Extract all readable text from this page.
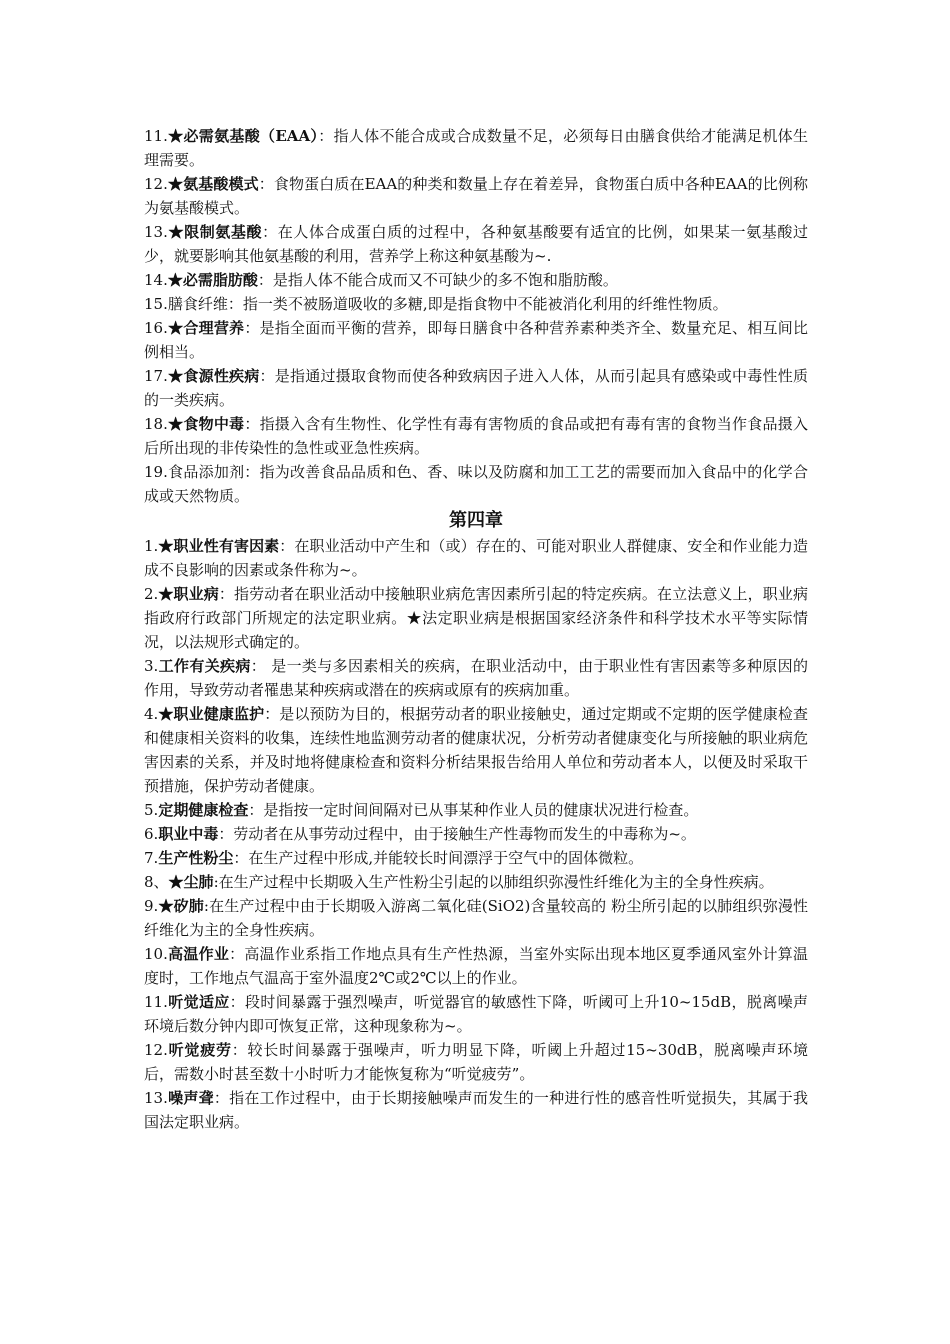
11.★必需氨基酸（EAA）：指人体不能合成或合成数量不足，必须每日由膳食供给才能满足机体生理需要。

12.★氨基酸模式：食物蛋白质在EAA的种类和数量上存在着差异，食物蛋白质中各种EAA的比例称为氨基酸模式。

13.★限制氨基酸：在人体合成蛋白质的过程中，各种氨基酸要有适宜的比例，如果某一氨基酸过少，就要影响其他氨基酸的利用，营养学上称这种氨基酸为~.

14.★必需脂肪酸：是指人体不能合成而又不可缺少的多不饱和脂肪酸。

15.膳食纤维：指一类不被肠道吸收的多糖,即是指食物中不能被消化利用的纤维性物质。

16.★合理营养：是指全面而平衡的营养，即每日膳食中各种营养素种类齐全、数量充足、相互间比例相当。

17.★食源性疾病：是指通过摄取食物而使各种致病因子进入人体，从而引起具有感染或中毒性性质的一类疾病。

18.★食物中毒：指摄入含有生物性、化学性有毒有害物质的食品或把有毒有害的食物当作食品摄入后所出现的非传染性的急性或亚急性疾病。

19.食品添加剂：指为改善食品品质和色、香、味以及防腐和加工工艺的需要而加入食品中的化学合成或天然物质。

第四章

1.★职业性有害因素：在职业活动中产生和（或）存在的、可能对职业人群健康、安全和作业能力造成不良影响的因素或条件称为~。

2.★职业病：指劳动者在职业活动中接触职业病危害因素所引起的特定疾病。在立法意义上，职业病指政府行政部门所规定的法定职业病。★法定职业病是根据国家经济条件和科学技术水平等实际情况，以法规形式确定的。

3.工作有关疾病： 是一类与多因素相关的疾病，在职业活动中，由于职业性有害因素等多种原因的作用，导致劳动者罹患某种疾病或潜在的疾病或原有的疾病加重。

4.★职业健康监护：是以预防为目的，根据劳动者的职业接触史，通过定期或不定期的医学健康检查和健康相关资料的收集，连续性地监测劳动者的健康状况，分析劳动者健康变化与所接触的职业病危害因素的关系，并及时地将健康检查和资料分析结果报告给用人单位和劳动者本人，以便及时采取干预措施，保护劳动者健康。

5.定期健康检查：是指按一定时间间隔对已从事某种作业人员的健康状况进行检查。

6.职业中毒：劳动者在从事劳动过程中，由于接触生产性毒物而发生的中毒称为~。

7.生产性粉尘：在生产过程中形成,并能较长时间漂浮于空气中的固体微粒。

8、★尘肺:在生产过程中长期吸入生产性粉尘引起的以肺组织弥漫性纤维化为主的全身性疾病。

9.★矽肺:在生产过程中由于长期吸入游离二氧化硅(SiO2)含量较高的 粉尘所引起的以肺组织弥漫性纤维化为主的全身性疾病。

10.高温作业：高温作业系指工作地点具有生产性热源，当室外实际出现本地区夏季通风室外计算温度时，工作地点气温高于室外温度2℃或2℃以上的作业。

11.听觉适应：段时间暴露于强烈噪声，听觉器官的敏感性下降，听阈可上升10~15dB，脱离噪声环境后数分钟内即可恢复正常，这种现象称为~。

12.听觉疲劳：较长时间暴露于强噪声，听力明显下降，听阈上升超过15~30dB，脱离噪声环境后，需数小时甚至数十小时听力才能恢复称为“听觉疲劳”。

13.噪声聋：指在工作过程中，由于长期接触噪声而发生的一种进行性的感音性听觉损失，其属于我国法定职业病。
